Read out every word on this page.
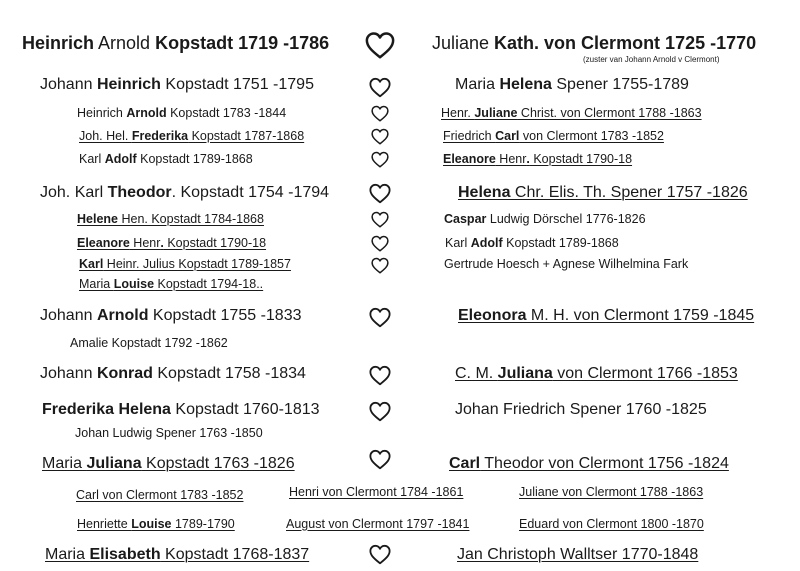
Heinrich Arnold Kopstadt 1719 -1786	Juliane Kath. von Clermont 1725 -1770
(zuster van Johann Arnold v Clermont)
Johann Heinrich Kopstadt 1751 -1795	Maria Helena Spener 1755-1789
Heinrich Arnold Kopstadt 1783 -1844	Henr. Juliane Christ. von Clermont 1788 -1863
Joh. Hel. Frederika Kopstadt 1787-1868	Friedrich Carl von Clermont 1783 -1852
Karl Adolf Kopstadt 1789-1868	Eleanore Henr. Kopstadt 1790-18
Joh. Karl Theodor. Kopstadt 1754 -1794	Helena Chr. Elis. Th. Spener 1757 -1826
Helene Hen. Kopstadt 1784-1868	Caspar Ludwig Dörschel 1776-1826
Eleanore Henr. Kopstadt 1790-18	Karl Adolf Kopstadt 1789-1868
Karl Heinr. Julius Kopstadt 1789-1857	Gertrude Hoesch + Agnese Wilhelmina Fark
Maria Louise Kopstadt 1794-18..
Johann Arnold Kopstadt 1755 -1833	Eleonora M. H. von Clermont 1759 -1845
Amalie Kopstadt 1792 -1862
Johann Konrad Kopstadt 1758 -1834	C. M. Juliana von Clermont 1766 -1853
Frederika Helena Kopstadt 1760-1813	Johan Friedrich Spener 1760 -1825
Johan Ludwig Spener 1763 -1850
Maria Juliana Kopstadt 1763 -1826	Carl Theodor von Clermont 1756 -1824
Carl von Clermont 1783 -1852	Henri von Clermont 1784 -1861	Juliane von Clermont 1788 -1863
Henriette Louise 1789-1790	August von Clermont 1797 -1841	Eduard von Clermont 1800 -1870
Maria Elisabeth Kopstadt 1768-1837	Jan Christoph Walltser 1770-1848
